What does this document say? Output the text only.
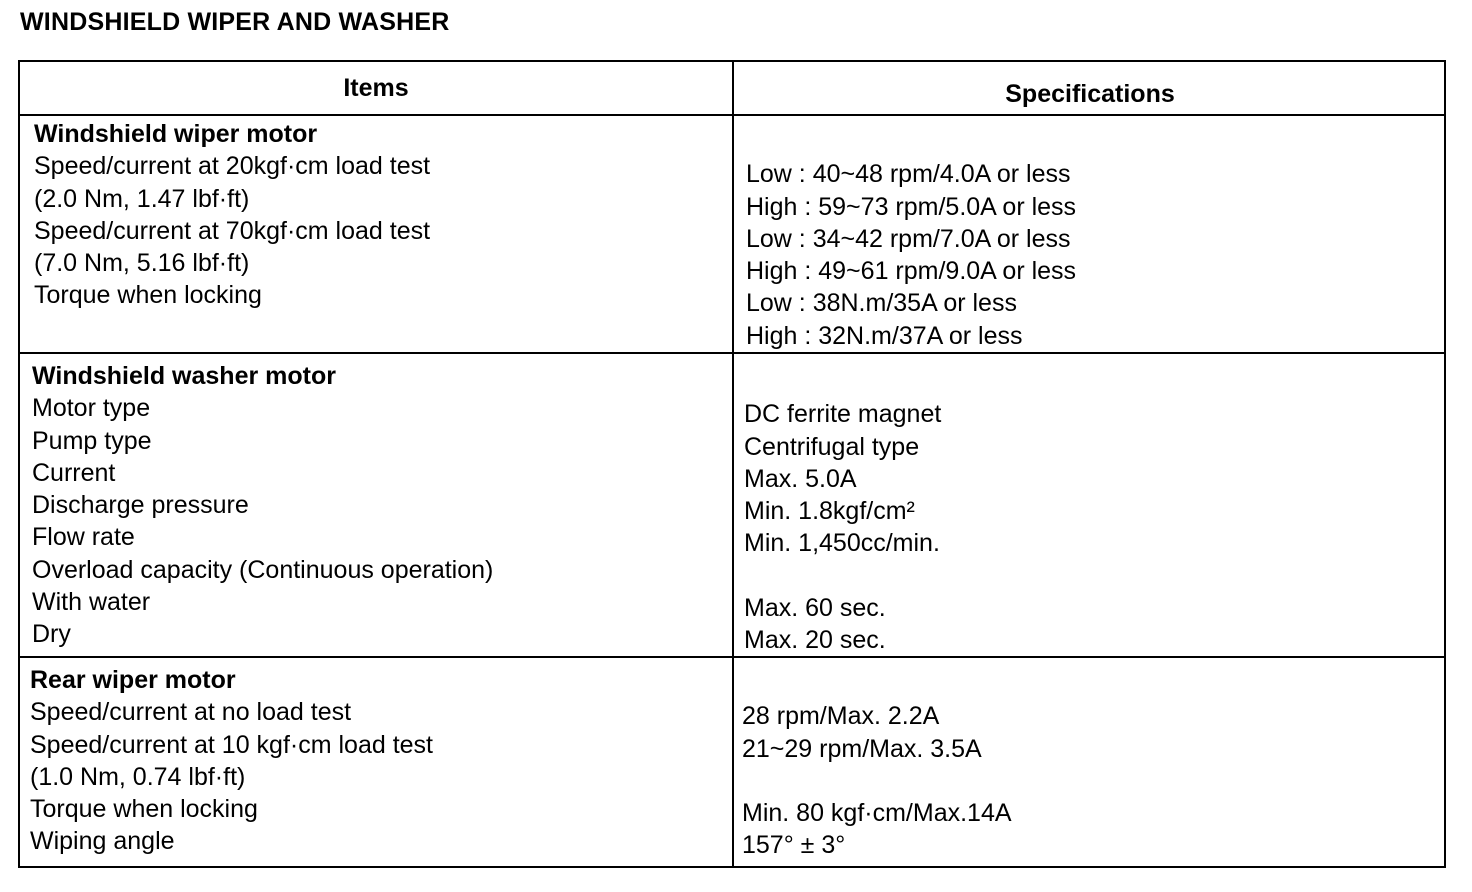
WINDSHIELD WIPER AND WASHER
Items	Specifications
Windshield wiper motor
Speed/current at 20kgf·cm load test
(2.0 Nm, 1.47 lbf·ft)
Speed/current at 70kgf·cm load test
(7.0 Nm, 5.16 lbf·ft)
Torque when locking
Low : 40~48 rpm/4.0A or less
High : 59~73 rpm/5.0A or less
Low : 34~42 rpm/7.0A or less
High : 49~61 rpm/9.0A or less
Low : 38N.m/35A or less
High : 32N.m/37A or less
Windshield washer motor
Motor type
Pump type
Current
Discharge pressure
Flow rate
Overload capacity (Continuous operation)
With water
Dry
DC ferrite magnet
Centrifugal type
Max. 5.0A
Min. 1.8kgf/cm²
Min. 1,450cc/min.
Max. 60 sec.
Max. 20 sec.
Rear wiper motor
Speed/current at no load test
Speed/current at 10 kgf·cm load test
(1.0 Nm, 0.74 lbf·ft)
Torque when locking
Wiping angle
28 rpm/Max. 2.2A
21~29 rpm/Max. 3.5A
Min. 80 kgf·cm/Max.14A
157° ± 3°
